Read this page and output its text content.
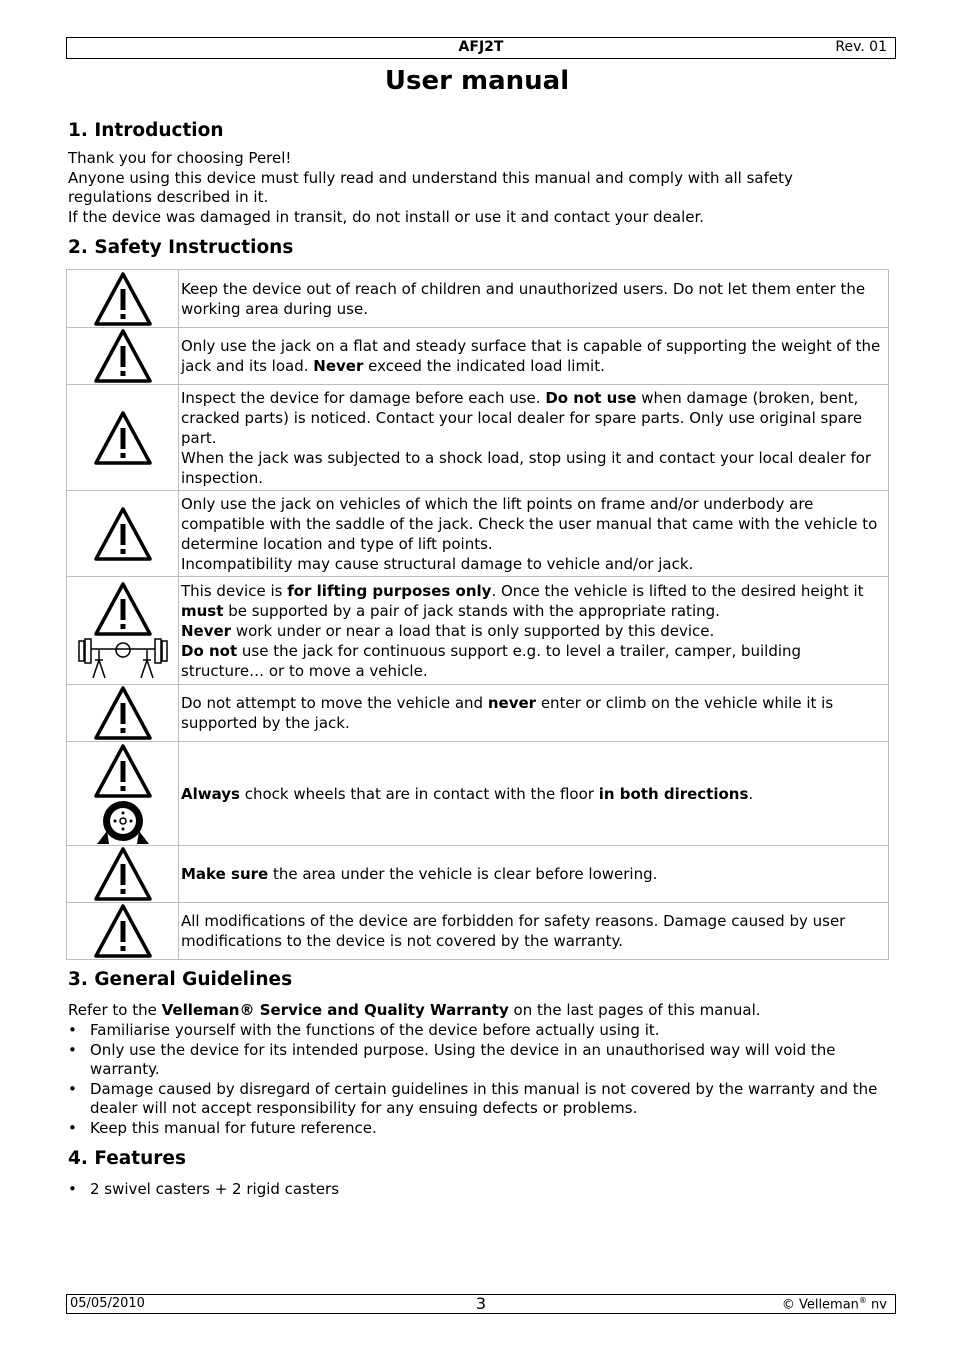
AFJ2T	Rev. 01
User manual
1. Introduction
Thank you for choosing Perel!
Anyone using this device must fully read and understand this manual and comply with all safety regulations described in it.
If the device was damaged in transit, do not install or use it and contact your dealer.
2. Safety Instructions
	Keep the device out of reach of children and unauthorized users. Do not let them enter the working area during use.

	Only use the jack on a flat and steady surface that is capable of supporting the weight of the jack and its load. Never exceed the indicated load limit.

	Inspect the device for damage before each use. Do not use when damage (broken, bent, cracked parts) is noticed. Contact your local dealer for spare parts. Only use original spare part.
When the jack was subjected to a shock load, stop using it and contact your local dealer for inspection.

	Only use the jack on vehicles of which the lift points on frame and/or underbody are compatible with the saddle of the jack. Check the user manual that came with the vehicle to determine location and type of lift points.
Incompatibility may cause structural damage to vehicle and/or jack.

	This device is for lifting purposes only. Once the vehicle is lifted to the desired height it must be supported by a pair of jack stands with the appropriate rating.
Never work under or near a load that is only supported by this device.
Do not use the jack for continuous support e.g. to level a trailer, camper, building structure… or to move a vehicle.

	Do not attempt to move the vehicle and never enter or climb on the vehicle while it is supported by the jack.

	Always chock wheels that are in contact with the floor in both directions.

	Make sure the area under the vehicle is clear before lowering.

	All modifications of the device are forbidden for safety reasons. Damage caused by user modifications to the device is not covered by the warranty.
3. General Guidelines
Refer to the Velleman® Service and Quality Warranty on the last pages of this manual.
• Familiarise yourself with the functions of the device before actually using it.
• Only use the device for its intended purpose. Using the device in an unauthorised way will void the warranty.
• Damage caused by disregard of certain guidelines in this manual is not covered by the warranty and the dealer will not accept responsibility for any ensuing defects or problems.
• Keep this manual for future reference.
4. Features
• 2 swivel casters + 2 rigid casters
05/05/2010	3	© Velleman® nv
